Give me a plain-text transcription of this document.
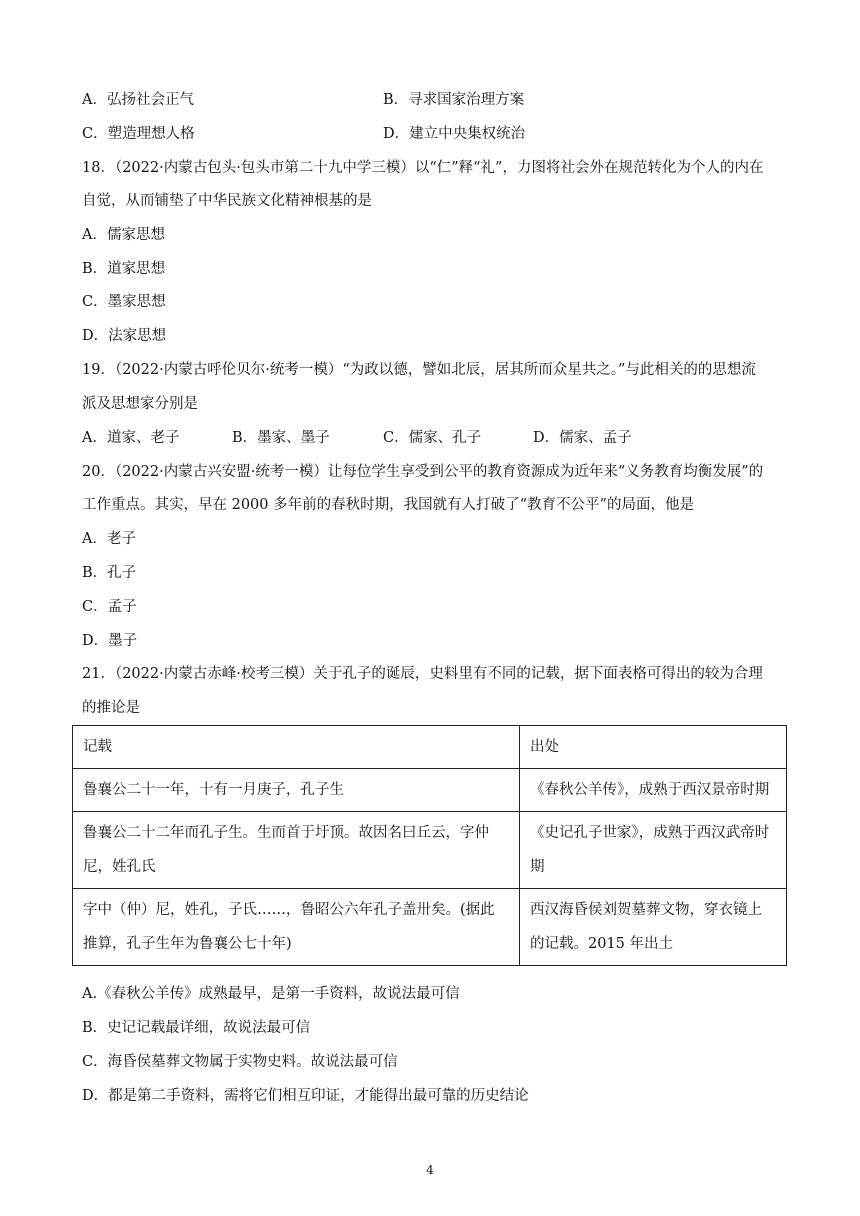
A．弘扬社会正气	B．寻求国家治理方案
C．塑造理想人格	D．建立中央集权统治
18．（2022·内蒙古包头·包头市第二十九中学三模）以“仁”释“礼”，力图将社会外在规范转化为个人的内在
自觉，从而铺垫了中华民族文化精神根基的是
A．儒家思想
B．道家思想
C．墨家思想
D．法家思想
19．（2022·内蒙古呼伦贝尔·统考一模）“为政以德，譬如北辰，居其所而众星共之。”与此相关的的思想流
派及思想家分别是
A．道家、老子	B．墨家、墨子	C．儒家、孔子	D．儒家、孟子
20．（2022·内蒙古兴安盟·统考一模）让每位学生享受到公平的教育资源成为近年来“义务教育均衡发展”的
工作重点。其实，早在 2000 多年前的春秋时期，我国就有人打破了“教育不公平”的局面，他是
A．老子
B．孔子
C．孟子
D．墨子
21．（2022·内蒙古赤峰·校考三模）关于孔子的诞辰，史料里有不同的记载，据下面表格可得出的较为合理
的推论是
记载	出处
鲁襄公二十一年，十有一月庚子，孔子生	《春秋公羊传》，成熟于西汉景帝时期
鲁襄公二十二年而孔子生。生而首于圩顶。故因名曰丘云，字仲
尼，姓孔氏	《史记孔子世家》，成熟于西汉武帝时
期
字中（仲）尼，姓孔，子氏……，鲁昭公六年孔子盖卅矣。(据此
推算，孔子生年为鲁襄公七十年)	西汉海昏侯刘贺墓葬文物，穿衣镜上
的记载。2015 年出土
A.《春秋公羊传》成熟最早，是第一手资料，故说法最可信
B．史记记载最详细，故说法最可信
C．海昏侯墓葬文物属于实物史料。故说法最可信
D．都是第二手资料，需将它们相互印证，才能得出最可靠的历史结论
4
